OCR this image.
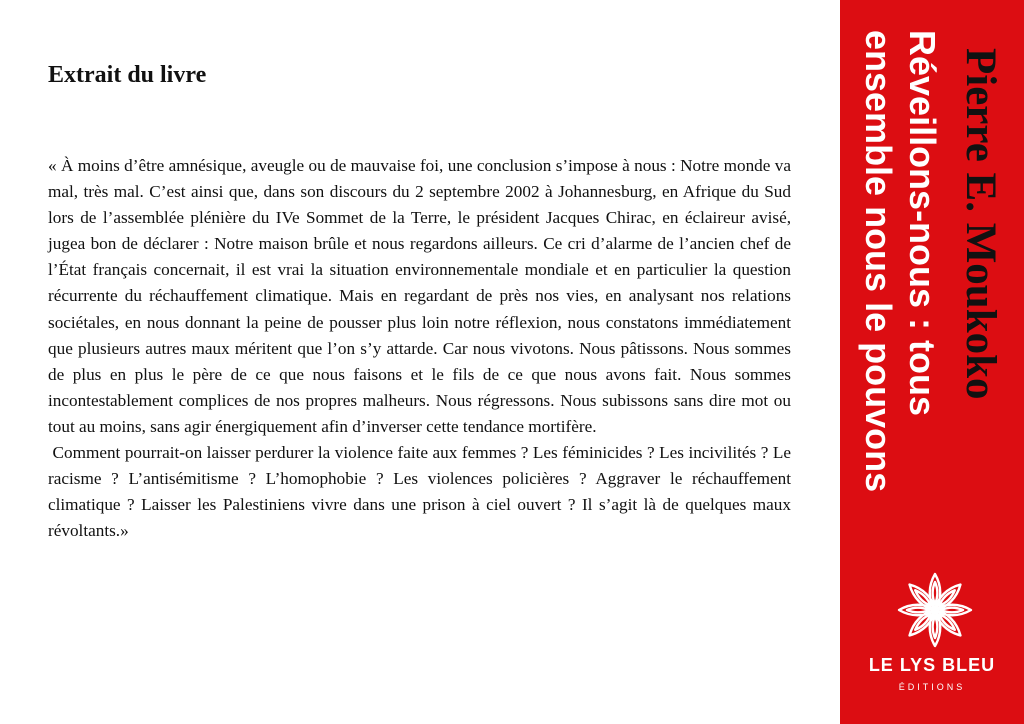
Extrait du livre

« À moins d’être amnésique, aveugle ou de mauvaise foi, une conclusion s’impose à nous : Notre monde va mal, très mal. C’est ainsi que, dans son discours du 2 septembre 2002 à Johannesburg, en Afrique du Sud lors de l’assemblée plénière du IVe Sommet de la Terre, le président Jacques Chirac, en éclaireur avisé, jugea bon de déclarer : Notre maison brûle et nous regardons ailleurs. Ce cri d’alarme de l’ancien chef de l’État français concernait, il est vrai la situation environnementale mondiale et en particulier la question récurrente du réchauffement climatique. Mais en regardant de près nos vies, en analysant nos relations sociétales, en nous donnant la peine de pousser plus loin notre réflexion, nous constatons immédiatement que plusieurs autres maux méritent que l’on s’y attarde. Car nous vivotons. Nous pâtissons. Nous sommes de plus en plus le père de ce que nous faisons et le fils de ce que nous avons fait. Nous sommes incontestablement complices de nos propres malheurs. Nous régressons. Nous subissons sans dire mot ou tout au moins, sans agir énergiquement afin d’inverser cette tendance mortifère.

Comment pourrait-on laisser perdurer la violence faite aux femmes ? Les féminicides ? Les incivilités ? Le racisme ? L’antisémitisme ? L’homophobie ? Les violences policières ? Aggraver le réchauffement climatique ? Laisser les Palestiniens vivre dans une prison à ciel ouvert ? Il s’agit là de quelques maux révoltants.»

Pierre E. Moukoko
Réveillons-nous : tous
ensemble nous le pouvons
LE LYS BLEU
ÉDITIONS
